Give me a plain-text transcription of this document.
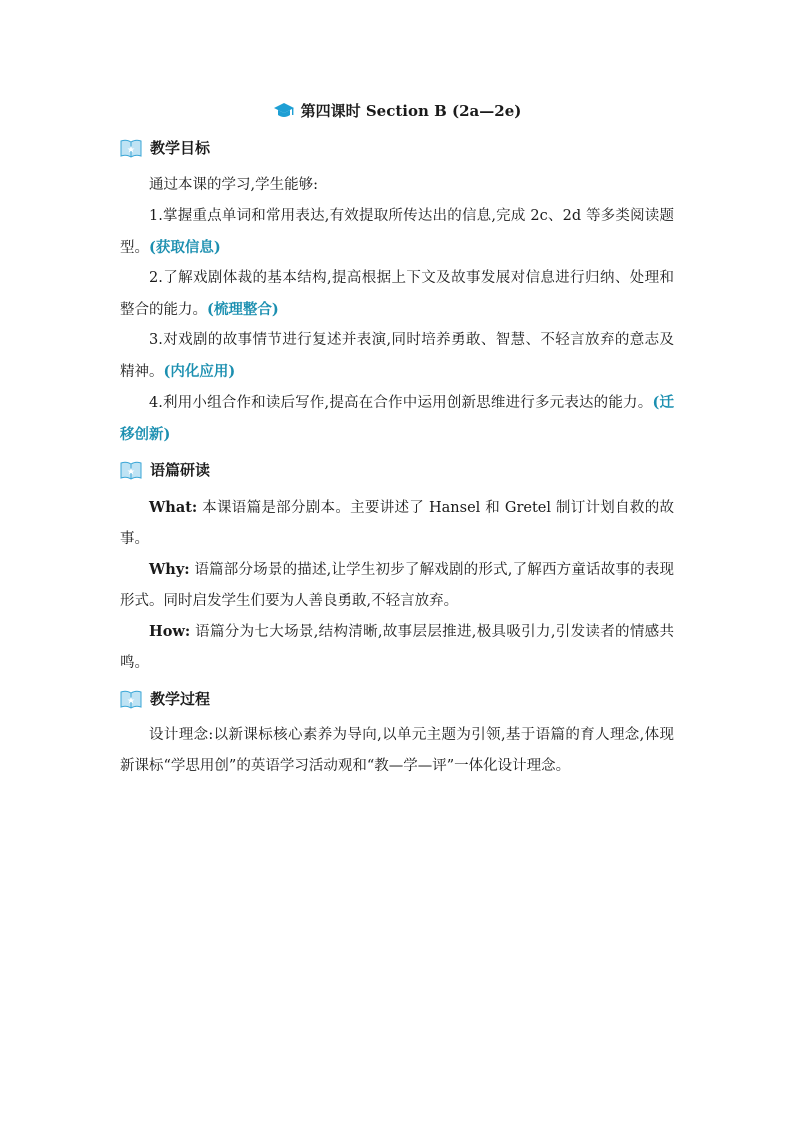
第四课时 Section B (2a—2e)
教学目标
通过本课的学习,学生能够:
1.掌握重点单词和常用表达,有效提取所传达出的信息,完成 2c、2d 等多类阅读题型。(获取信息)
2.了解戏剧体裁的基本结构,提高根据上下文及故事发展对信息进行归纳、处理和整合的能力。(梳理整合)
3.对戏剧的故事情节进行复述并表演,同时培养勇敢、智慧、不轻言放弃的意志及精神。(内化应用)
4.利用小组合作和读后写作,提高在合作中运用创新思维进行多元表达的能力。(迁移创新)
语篇研读
What: 本课语篇是部分剧本。主要讲述了 Hansel 和 Gretel 制订计划自救的故事。
Why: 语篇部分场景的描述,让学生初步了解戏剧的形式,了解西方童话故事的表现形式。同时启发学生们要为人善良勇敢,不轻言放弃。
How: 语篇分为七大场景,结构清晰,故事层层推进,极具吸引力,引发读者的情感共鸣。
教学过程
设计理念:以新课标核心素养为导向,以单元主题为引领,基于语篇的育人理念,体现新课标“学思用创”的英语学习活动观和“教—学—评”一体化设计理念。
